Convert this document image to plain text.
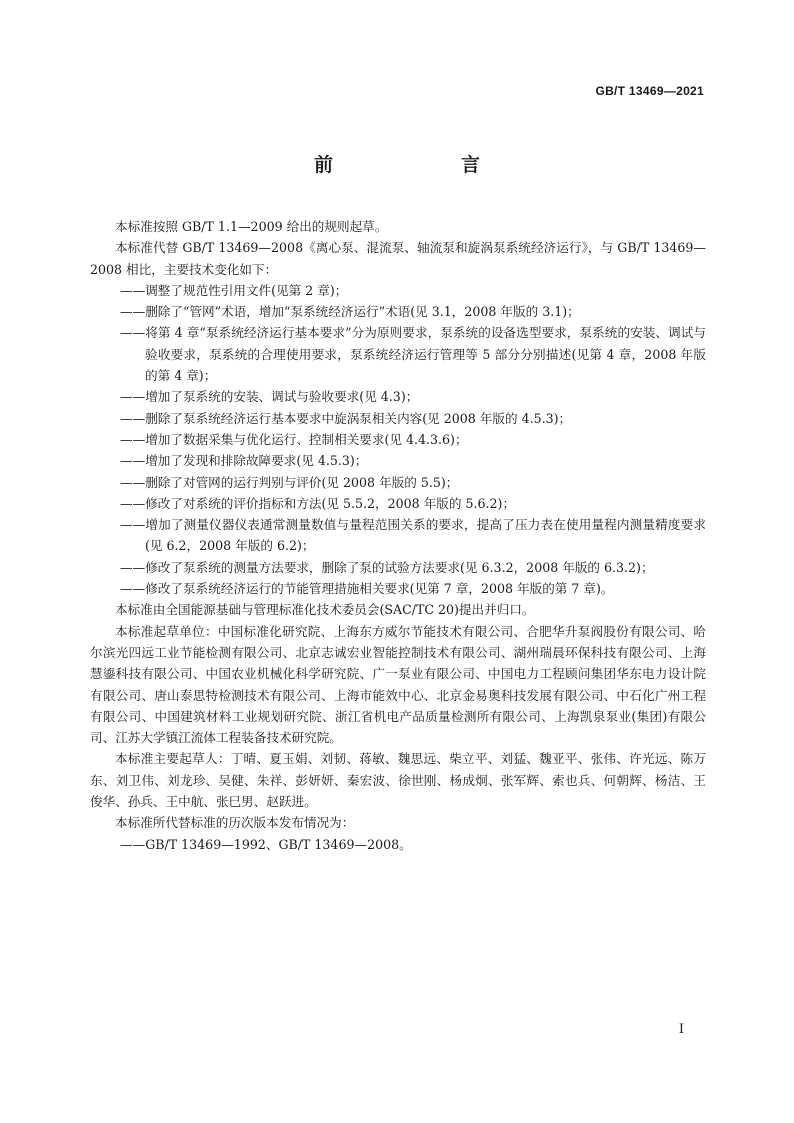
GB/T 13469—2021
前　　言

本标准按照 GB/T 1.1—2009 给出的规则起草。

本标准代替 GB/T 13469—2008《离心泵、混流泵、轴流泵和旋涡泵系统经济运行》，与 GB/T 13469—2008 相比，主要技术变化如下：

——调整了规范性引用文件(见第 2 章)；

——删除了“管网”术语，增加“泵系统经济运行”术语(见 3.1，2008 年版的 3.1)；

——将第 4 章“泵系统经济运行基本要求”分为原则要求，泵系统的设备选型要求，泵系统的安装、调试与验收要求，泵系统的合理使用要求，泵系统经济运行管理等 5 部分分别描述(见第 4 章，2008 年版的第 4 章)；

——增加了泵系统的安装、调试与验收要求(见 4.3)；

——删除了泵系统经济运行基本要求中旋涡泵相关内容(见 2008 年版的 4.5.3)；

——增加了数据采集与优化运行、控制相关要求(见 4.4.3.6)；

——增加了发现和排除故障要求(见 4.5.3)；

——删除了对管网的运行判别与评价(见 2008 年版的 5.5)；

——修改了对系统的评价指标和方法(见 5.5.2，2008 年版的 5.6.2)；

——增加了测量仪器仪表通常测量数值与量程范围关系的要求，提高了压力表在使用量程内测量精度要求(见 6.2，2008 年版的 6.2)；

——修改了泵系统的测量方法要求，删除了泵的试验方法要求(见 6.3.2，2008 年版的 6.3.2)；

——修改了泵系统经济运行的节能管理措施相关要求(见第 7 章，2008 年版的第 7 章)。

本标准由全国能源基础与管理标准化技术委员会(SAC/TC 20)提出并归口。

本标准起草单位：中国标准化研究院、上海东方威尔节能技术有限公司、合肥华升泵阀股份有限公司、哈尔滨光四远工业节能检测有限公司、北京志诚宏业智能控制技术有限公司、湖州瑞晨环保科技有限公司、上海慧鎏科技有限公司、中国农业机械化科学研究院、广一泵业有限公司、中国电力工程顾问集团华东电力设计院有限公司、唐山泰思特检测技术有限公司、上海市能效中心、北京金易奥科技发展有限公司、中石化广州工程有限公司、中国建筑材料工业规划研究院、浙江省机电产品质量检测所有限公司、上海凯泉泵业(集团)有限公司、江苏大学镇江流体工程装备技术研究院。

本标准主要起草人：丁晴、夏玉娟、刘韧、蒋敏、魏思远、柴立平、刘猛、魏亚平、张伟、许光远、陈万东、刘卫伟、刘龙珍、吴健、朱祥、彭妍妍、秦宏波、徐世刚、杨成炯、张军辉、索也兵、何朝辉、杨洁、王俊华、孙兵、王中航、张巳男、赵跃进。

本标准所代替标准的历次版本发布情况为：

——GB/T 13469—1992、GB/T 13469—2008。

I
